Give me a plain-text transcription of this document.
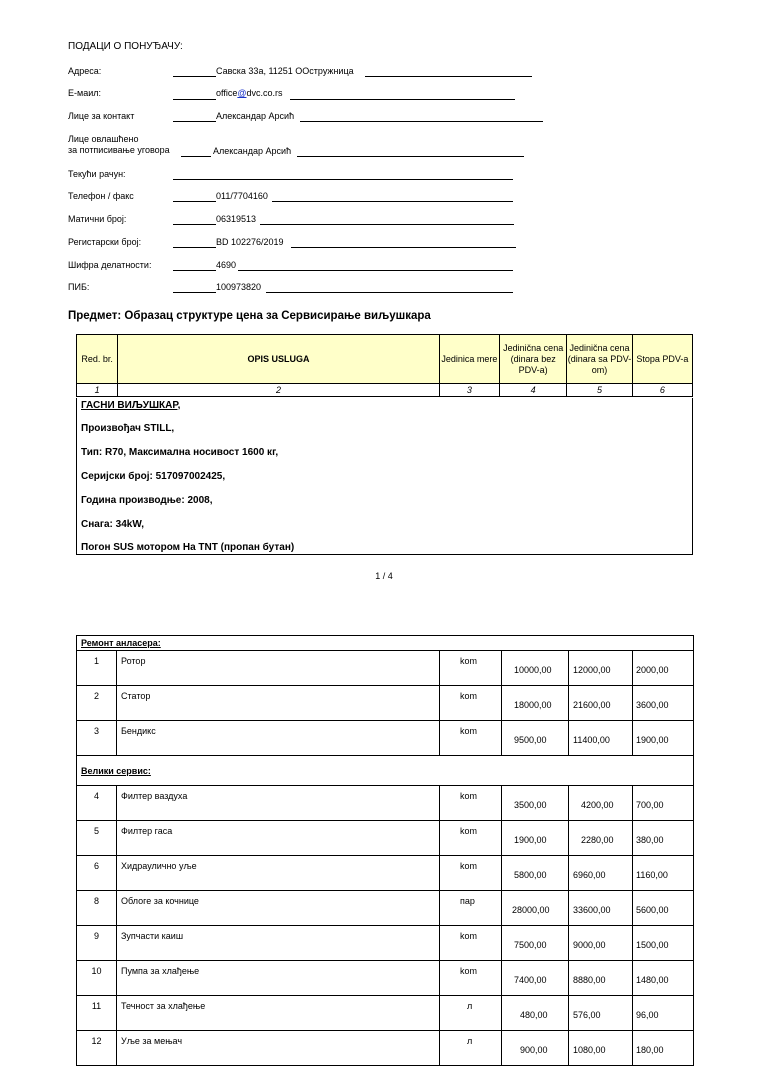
ПОДАЦИ О ПОНУЂАЧУ:
Адреса:	Савска 33а, 11251 ООстружница
Е-маил:	office@dvc.co.rs
Лице за контакт	Александар Арсић
Лице овлашћено
за потписивање уговора	Александар Арсић
Текући рачун:
Телефон / факс	011/7704160
Матични број:	06319513
Регистарски број:	BD 102276/2019
Шифра делатности:	4690
ПИБ:	100973820
Предмет: Образац структуре цена за Сервисирање виљушкара
Red. br.	OPIS USLUGA	Jedinica mere	Jedinična cena (dinara bez PDV-a)	Jedinična cena (dinara sa PDV-om)	Stopa PDV-a
1	2	3	4	5	6
ГАСНИ ВИЉУШКАР,
Произвођач STILL,
Тип: R70, Максимална носивост 1600 кг,
Серијски број: 517097002425,
Година производње: 2008,
Снага: 34kW,
Погон SUS мотором На TNT (пропан бутан)
1 / 4
Ремонт анласера:					
1	Ротор	kom	10000,00	12000,00	2000,00
2	Статор	kom	18000,00	21600,00	3600,00
3	Бендикс	kom	9500,00	11400,00	1900,00
Велики сервис:					
4	Филтер ваздуха	kom	3500,00	4200,00	700,00
5	Филтер гаса	kom	1900,00	2280,00	380,00
6	Хидраулично уље	kom	5800,00	6960,00	1160,00
8	Облоге за кочнице	пар	28000,00	33600,00	5600,00
9	Зупчасти каиш	kom	7500,00	9000,00	1500,00
10	Пумпа за хлађење	kom	7400,00	8880,00	1480,00
11	Течност за хлађење	л	480,00	576,00	96,00
12	Уље за мењач	л	900,00	1080,00	180,00
